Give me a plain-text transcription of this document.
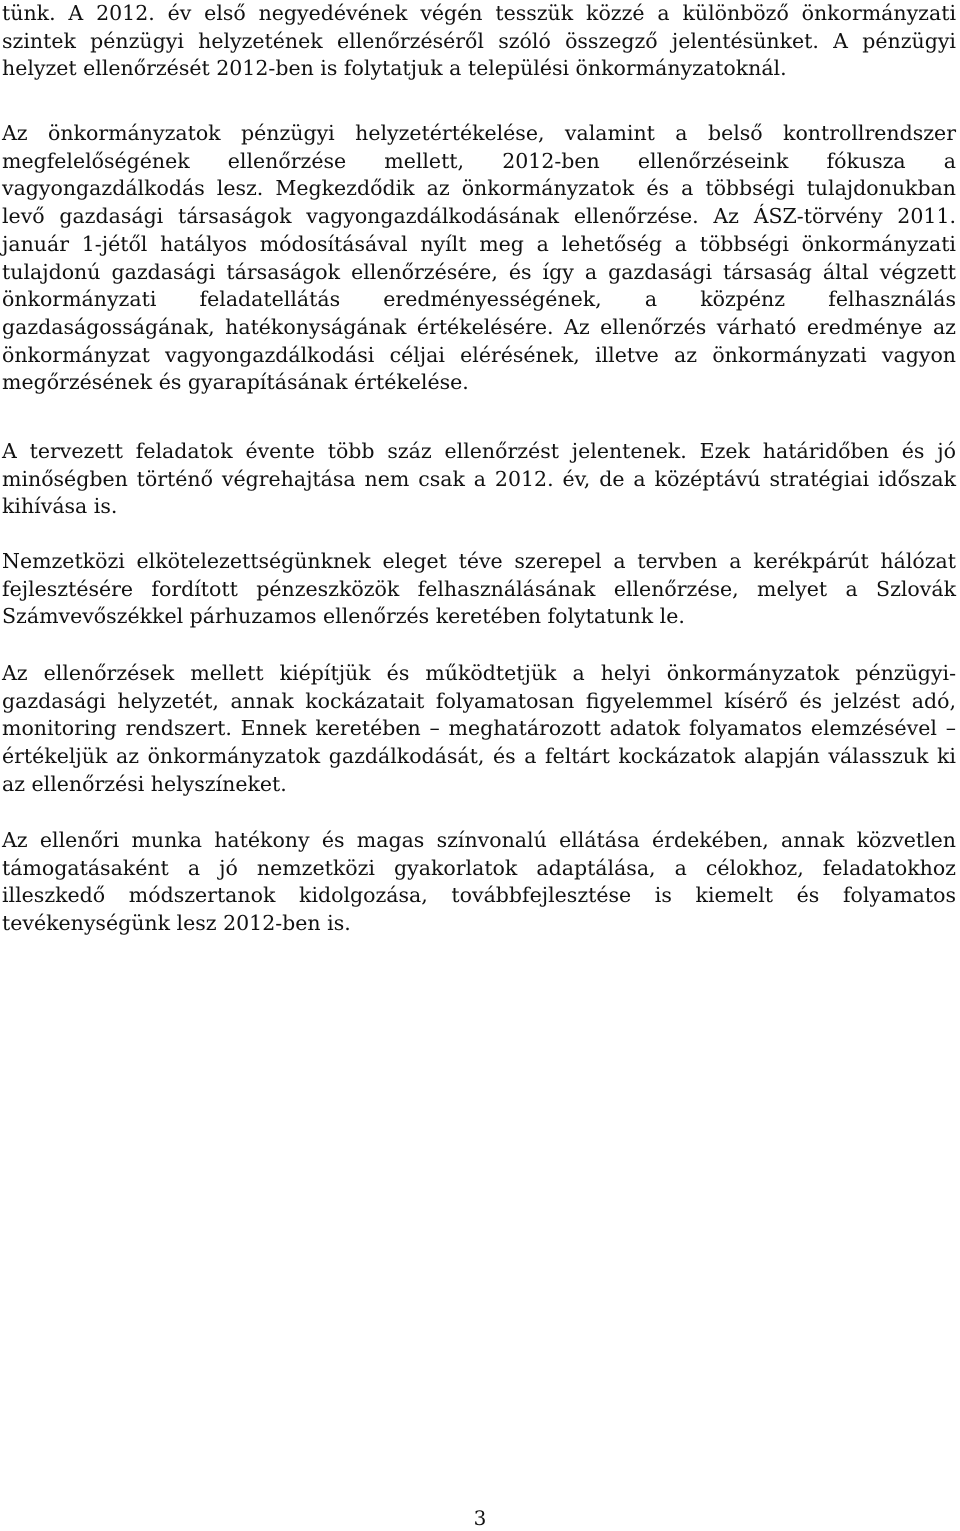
tünk. A 2012. év első negyedévének végén tesszük közzé a különböző önkormányzati szintek pénzügyi helyzetének ellenőrzéséről szóló összegző jelentésünket. A pénzügyi helyzet ellenőrzését 2012-ben is folytatjuk a települési önkormányzatoknál.

Az önkormányzatok pénzügyi helyzetértékelése, valamint a belső kontrollrendszer megfelelőségének ellenőrzése mellett, 2012-ben ellenőrzéseink fókusza a vagyongazdálkodás lesz. Megkezdődik az önkormányzatok és a többségi tulajdonukban levő gazdasági társaságok vagyongazdálkodásának ellenőrzése. Az ÁSZ-törvény 2011. január 1-jétől hatályos módosításával nyílt meg a lehetőség a többségi önkormányzati tulajdonú gazdasági társaságok ellenőrzésére, és így a gazdasági társaság által végzett önkormányzati feladatellátás eredményességének, a közpénz felhasználás gazdaságosságának, hatékonyságának értékelésére. Az ellenőrzés várható eredménye az önkormányzat vagyongazdálkodási céljai elérésének, illetve az önkormányzati vagyon megőrzésének és gyarapításának értékelése.

A tervezett feladatok évente több száz ellenőrzést jelentenek. Ezek határidőben és jó minőségben történő végrehajtása nem csak a 2012. év, de a középtávú stratégiai időszak kihívása is.

Nemzetközi elkötelezettségünknek eleget téve szerepel a tervben a kerékpárút hálózat fejlesztésére fordított pénzeszközök felhasználásának ellenőrzése, melyet a Szlovák Számvevőszékkel párhuzamos ellenőrzés keretében folytatunk le.

Az ellenőrzések mellett kiépítjük és működtetjük a helyi önkormányzatok pénzügyi-gazdasági helyzetét, annak kockázatait folyamatosan figyelemmel kísérő és jelzést adó, monitoring rendszert. Ennek keretében – meghatározott adatok folyamatos elemzésével – értékeljük az önkormányzatok gazdálkodását, és a feltárt kockázatok alapján válasszuk ki az ellenőrzési helyszíneket.

Az ellenőri munka hatékony és magas színvonalú ellátása érdekében, annak közvetlen támogatásaként a jó nemzetközi gyakorlatok adaptálása, a célokhoz, feladatokhoz illeszkedő módszertanok kidolgozása, továbbfejlesztése is kiemelt és folyamatos tevékenységünk lesz 2012-ben is.

3
